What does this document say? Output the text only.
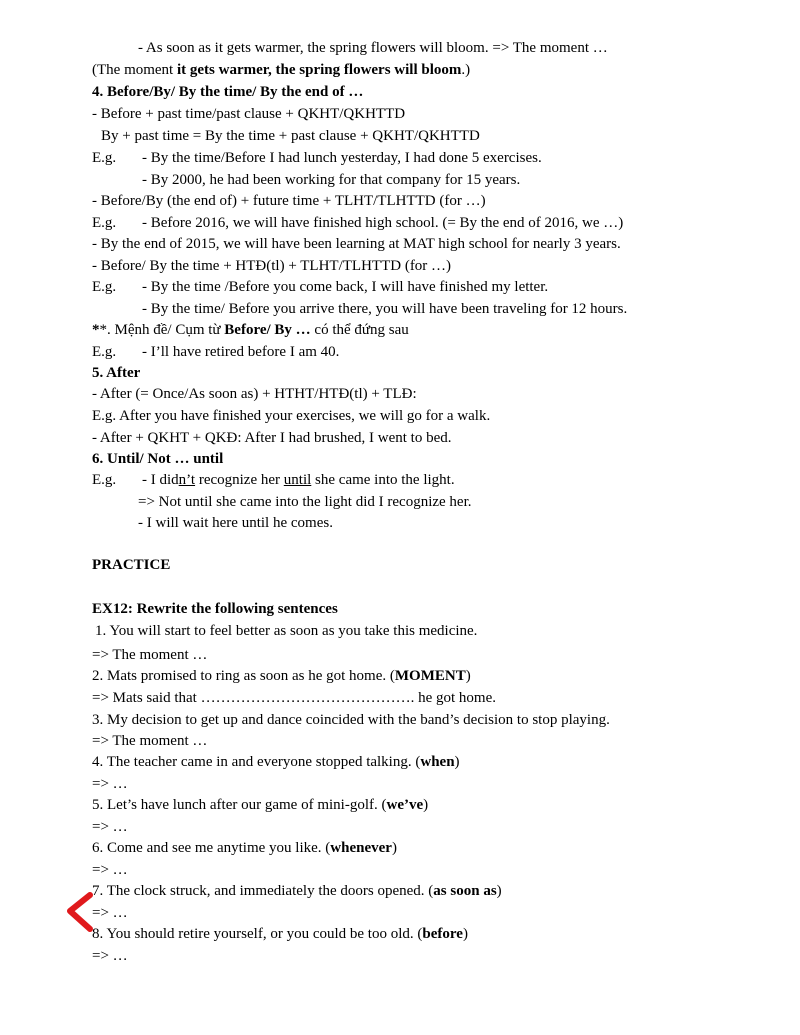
- As soon as it gets warmer, the spring flowers will bloom. => The moment …
(The moment it gets warmer, the spring flowers will bloom.)
4. Before/By/ By the time/ By the end of …
- Before + past time/past clause + QKHT/QKHTTD
By + past time = By the time + past clause + QKHT/QKHTTD
E.g. - By the time/Before I had lunch yesterday, I had done 5 exercises.
- By 2000, he had been working for that company for 15 years.
- Before/By (the end of) + future time + TLHT/TLHTTD (for …)
E.g. - Before 2016, we will have finished high school. (= By the end of 2016, we …)
- By the end of 2015, we will have been learning at MAT high school for nearly 3 years.
- Before/ By the time + HTĐ(tl) + TLHT/TLHTTD (for …)
E.g. - By the time /Before you come back, I will have finished my letter.
- By the time/ Before you arrive there, you will have been traveling for 12 hours.
**. Mệnh đề/ Cụm từ Before/ By … có thể đứng sau
E.g. - I’ll have retired before I am 40.
5. After
- After (= Once/As soon as) + HTHT/HTĐ(tl) + TLĐ:
E.g. After you have finished your exercises, we will go for a walk.
- After + QKHT + QKĐ: After I had brushed, I went to bed.
6. Until/ Not … until
E.g. - I didn’t recognize her until she came into the light.
=> Not until she came into the light did I recognize her.
- I will wait here until he comes.
PRACTICE
EX12: Rewrite the following sentences
1. You will start to feel better as soon as you take this medicine.
=> The moment …
2. Mats promised to ring as soon as he got home. (MOMENT)
=> Mats said that ……………………………………. he got home.
3. My decision to get up and dance coincided with the band’s decision to stop playing.
=> The moment …
4. The teacher came in and everyone stopped talking. (when)
=> …
5. Let’s have lunch after our game of mini-golf. (we’ve)
=> …
6. Come and see me anytime you like. (whenever)
=> …
7. The clock struck, and immediately the doors opened. (as soon as)
=> …
8. You should retire yourself, or you could be too old. (before)
=> …
